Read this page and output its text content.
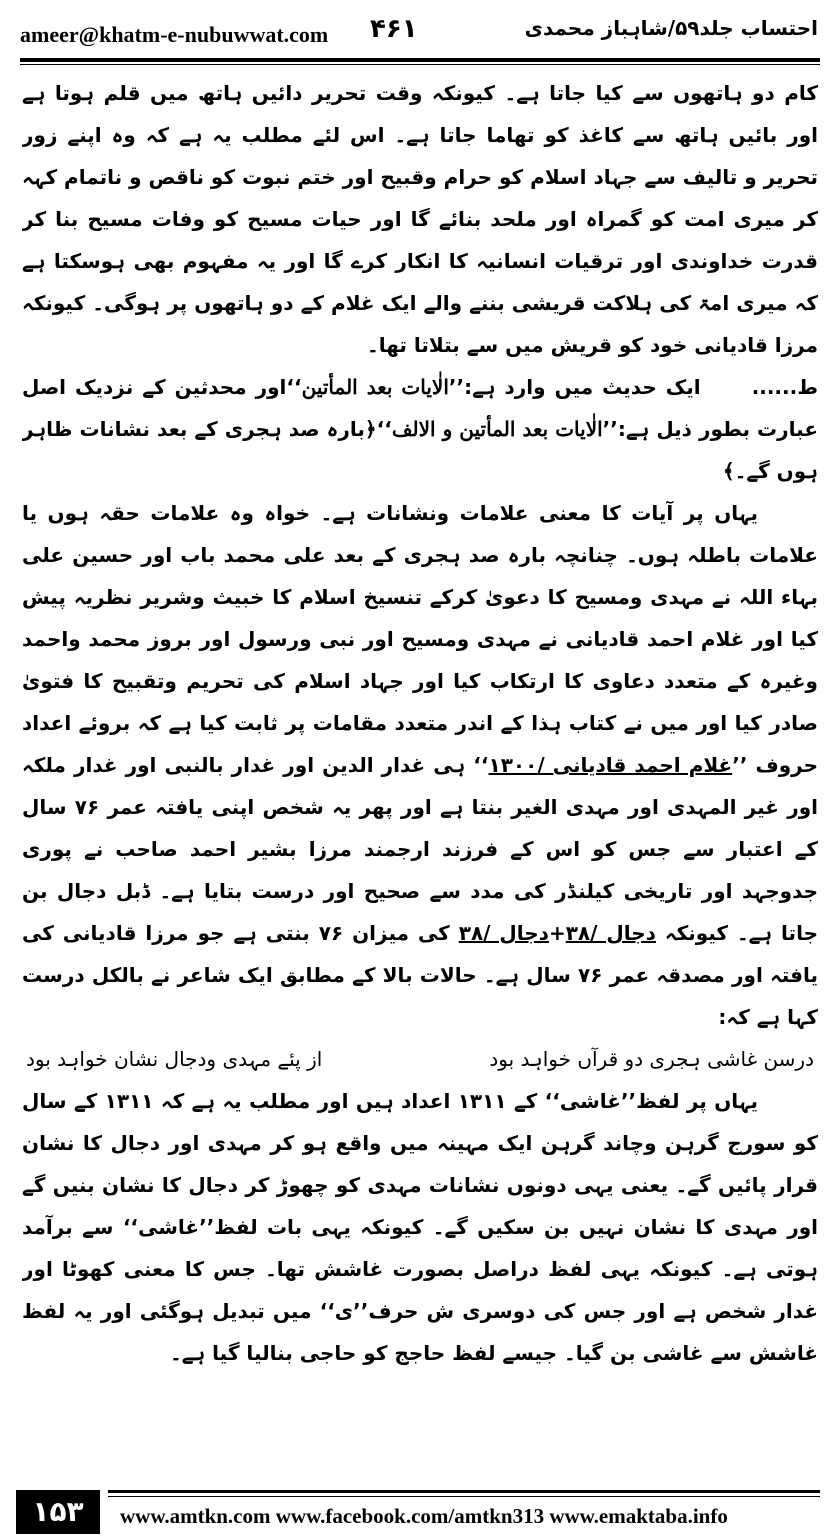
ameer@khatm-e-nubuwwat.com ۴۶۱	احتساب جلد۵۹/شاہباز محمدی

کام دو ہاتھوں سے کیا جاتا ہے۔ کیونکہ وقت تحریر دائیں ہاتھ میں قلم ہوتا ہے اور بائیں ہاتھ سے کاغذ کو تھاما جاتا ہے۔ اس لئے مطلب یہ ہے کہ وہ اپنے زور تحریر و تالیف سے جہاد اسلام کو حرام وقبیح اور ختم نبوت کو ناقص و ناتمام کہہ کر میری امت کو گمراہ اور ملحد بنائے گا اور حیات مسیح کو وفات مسیح بنا کر قدرت خداوندی اور ترقیات انسانیہ کا انکار کرے گا اور یہ مفہوم بھی ہوسکتا ہے کہ میری امۃ کی ہلاکت قریشی بننے والے ایک غلام کے دو ہاتھوں پر ہوگی۔ کیونکہ مرزا قادیانی خود کو قریش میں سے بتلاتا تھا۔

ط...... ایک حدیث میں وارد ہے:’’الٰایات بعد المأتین‘‘اور محدثین کے نزدیک اصل عبارت بطور ذیل ہے:’’الٰایات بعد المأتین و الالف‘‘﴿بارہ صد ہجری کے بعد نشانات ظاہر ہوں گے۔﴾

یہاں پر آیات کا معنی علامات ونشانات ہے۔ خواہ وہ علامات حقہ ہوں یا علامات باطلہ ہوں۔ چنانچہ بارہ صد ہجری کے بعد علی محمد باب اور حسین علی بہاء اللہ نے مہدی ومسیح کا دعویٰ کرکے تنسیخ اسلام کا خبیث وشریر نظریہ پیش کیا اور غلام احمد قادیانی نے مہدی ومسیح اور نبی ورسول اور بروز محمد واحمد وغیرہ کے متعدد دعاوی کا ارتکاب کیا اور جہاد اسلام کی تحریم وتقبیح کا فتویٰ صادر کیا اور میں نے کتاب ہذا کے اندر متعدد مقامات پر ثابت کیا ہے کہ بروئے اعداد حروف ’’غلام احمد قادیانی /۱۳۰۰‘‘ ہی غدار الدین اور غدار بالنبی اور غدار ملکہ اور غیر المہدی اور مہدی الغیر بنتا ہے اور پھر یہ شخص اپنی یافتہ عمر ۷۶ سال کے اعتبار سے جس کو اس کے فرزند ارجمند مرزا بشیر احمد صاحب نے پوری جدوجہد اور تاریخی کیلنڈر کی مدد سے صحیح اور درست بتایا ہے۔ ڈبل دجال بن جاتا ہے۔ کیونکہ دجال /۳۸+دجال /۳۸ کی میزان ۷۶ بنتی ہے جو مرزا قادیانی کی یافتہ اور مصدقہ عمر ۷۶ سال ہے۔ حالات بالا کے مطابق ایک شاعر نے بالکل درست کہا ہے کہ:

درسن غاشی ہجری دو قرآں خواہد بود
از پئے مہدی ودجال نشان خواہد بود

یہاں پر لفظ’’غاشی‘‘ کے ۱۳۱۱ اعداد ہیں اور مطلب یہ ہے کہ ۱۳۱۱ کے سال کو سورج گرہن وچاند گرہن ایک مہینہ میں واقع ہو کر مہدی اور دجال کا نشان قرار پائیں گے۔ یعنی یہی دونوں نشانات مہدی کو چھوڑ کر دجال کا نشان بنیں گے اور مہدی کا نشان نہیں بن سکیں گے۔ کیونکہ یہی بات لفظ’’غاشی‘‘ سے برآمد ہوتی ہے۔ کیونکہ یہی لفظ دراصل بصورت غاشش تھا۔ جس کا معنی کھوٹا اور غدار شخص ہے اور جس کی دوسری ش حرف’’ی‘‘ میں تبدیل ہوگئی اور یہ لفظ غاشش سے غاشی بن گیا۔ جیسے لفظ حاجج کو حاجی بنالیا گیا ہے۔

۱۵۳	www.amtkn.com www.facebook.com/amtkn313 www.emaktaba.info
